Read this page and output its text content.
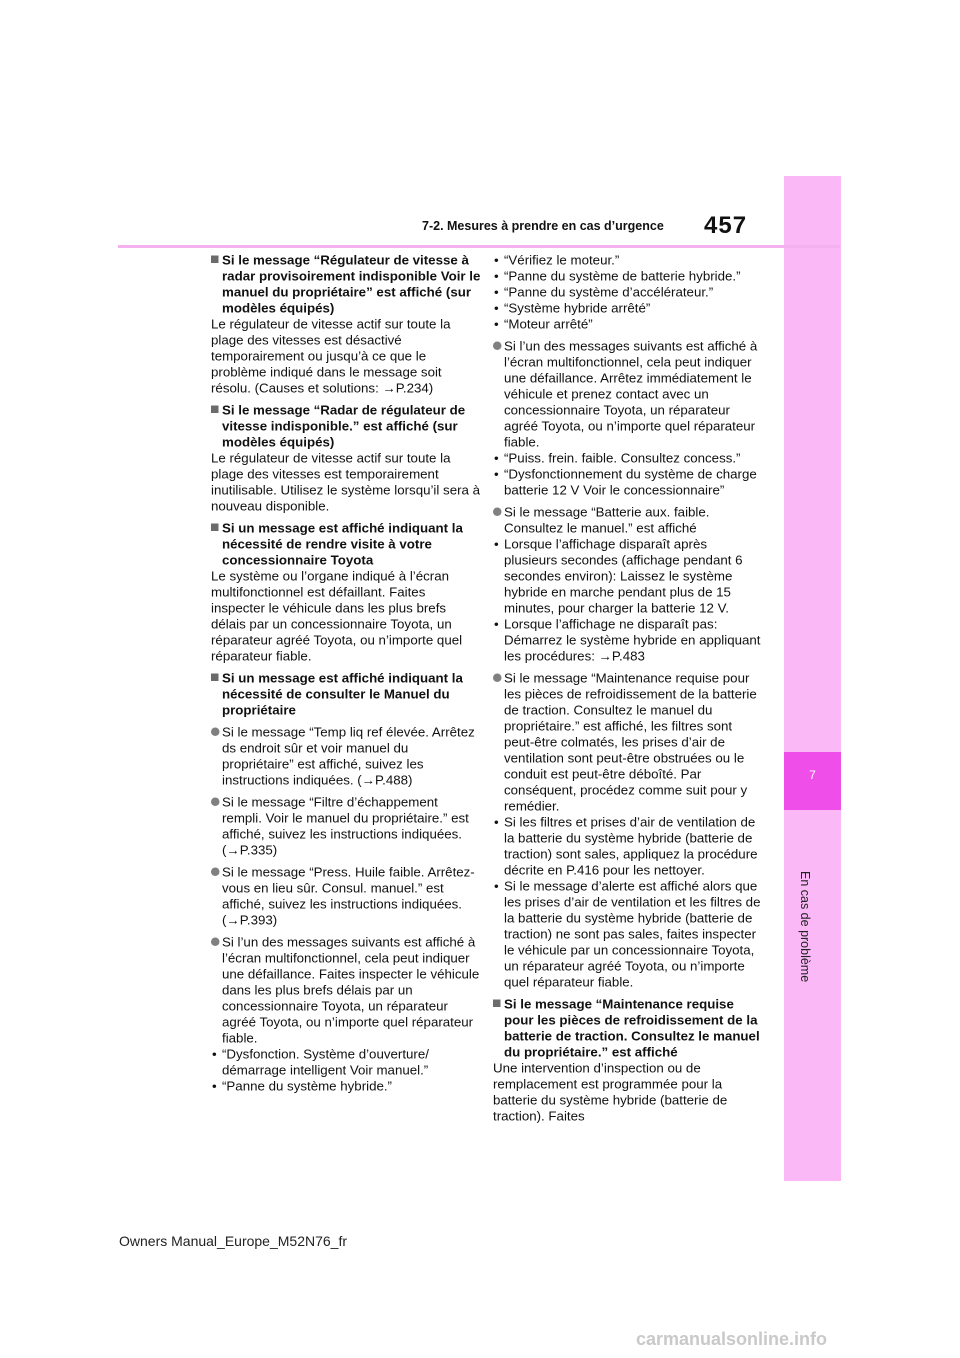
7
En cas de problème
7-2. Mesures à prendre en cas d’urgence 457
Si le message “Régulateur de vitesse à radar provisoirement indisponible Voir le manuel du propriétaire” est affiché (sur modèles équipés)
Le régulateur de vitesse actif sur toute la plage des vitesses est désactivé temporairement ou jusqu’à ce que le problème indiqué dans le message soit résolu. (Causes et solutions: →P.234)
Si le message “Radar de régulateur de vitesse indisponible.” est affiché (sur modèles équipés)
Le régulateur de vitesse actif sur toute la plage des vitesses est temporairement inutilisable. Utilisez le système lorsqu’il sera à nouveau disponible.
Si un message est affiché indiquant la nécessité de rendre visite à votre concessionnaire Toyota
Le système ou l’organe indiqué à l’écran multifonctionnel est défaillant. Faites inspecter le véhicule dans les plus brefs délais par un concessionnaire Toyota, un réparateur agréé Toyota, ou n’importe quel réparateur fiable.
Si un message est affiché indiquant la nécessité de consulter le Manuel du propriétaire
Si le message “Temp liq ref élevée. Arrêtez ds endroit sûr et voir manuel du propriétaire” est affiché, suivez les instructions indiquées. (→P.488)
Si le message “Filtre d’échappement rempli. Voir le manuel du propriétaire.” est affiché, suivez les instructions indiquées. (→P.335)
Si le message “Press. Huile faible. Arrêtez-vous en lieu sûr. Consul. manuel.” est affiché, suivez les instructions indiquées. (→P.393)
Si l’un des messages suivants est affiché à l’écran multifonctionnel, cela peut indiquer une défaillance. Faites inspecter le véhicule dans les plus brefs délais par un concessionnaire Toyota, un réparateur agréé Toyota, ou n’importe quel réparateur fiable.
• “Dysfonction. Système d’ouverture/ démarrage intelligent Voir manuel.”
• “Panne du système hybride.”
• “Vérifiez le moteur.”
• “Panne du système de batterie hybride.”
• “Panne du système d’accélérateur.”
• “Système hybride arrêté”
• “Moteur arrêté”
Si l’un des messages suivants est affiché à l’écran multifonctionnel, cela peut indiquer une défaillance. Arrêtez immédiatement le véhicule et prenez contact avec un concessionnaire Toyota, un réparateur agréé Toyota, ou n’importe quel réparateur fiable.
• “Puiss. frein. faible. Consultez concess.”
• “Dysfonctionnement du système de charge batterie 12 V Voir le concessionnaire”
Si le message “Batterie aux. faible. Consultez le manuel.” est affiché
• Lorsque l’affichage disparaît après plusieurs secondes (affichage pendant 6 secondes environ): Laissez le système hybride en marche pendant plus de 15 minutes, pour charger la batterie 12 V.
• Lorsque l’affichage ne disparaît pas: Démarrez le système hybride en appliquant les procédures: →P.483
Si le message “Maintenance requise pour les pièces de refroidissement de la batterie de traction. Consultez le manuel du propriétaire.” est affiché, les filtres sont peut-être colmatés, les prises d’air de ventilation sont peut-être obstruées ou le conduit est peut-être déboîté. Par conséquent, procédez comme suit pour y remédier.
• Si les filtres et prises d’air de ventilation de la batterie du système hybride (batterie de traction) sont sales, appliquez la procédure décrite en P.416 pour les nettoyer.
• Si le message d’alerte est affiché alors que les prises d’air de ventilation et les filtres de la batterie du système hybride (batterie de traction) ne sont pas sales, faites inspecter le véhicule par un concessionnaire Toyota, un réparateur agréé Toyota, ou n’importe quel réparateur fiable.
Si le message “Maintenance requise pour les pièces de refroidissement de la batterie de traction. Consultez le manuel du propriétaire.” est affiché
Une intervention d’inspection ou de remplacement est programmée pour la batterie du système hybride (batterie de traction). Faites
Owners Manual_Europe_M52N76_fr
carmanualsonline.info
